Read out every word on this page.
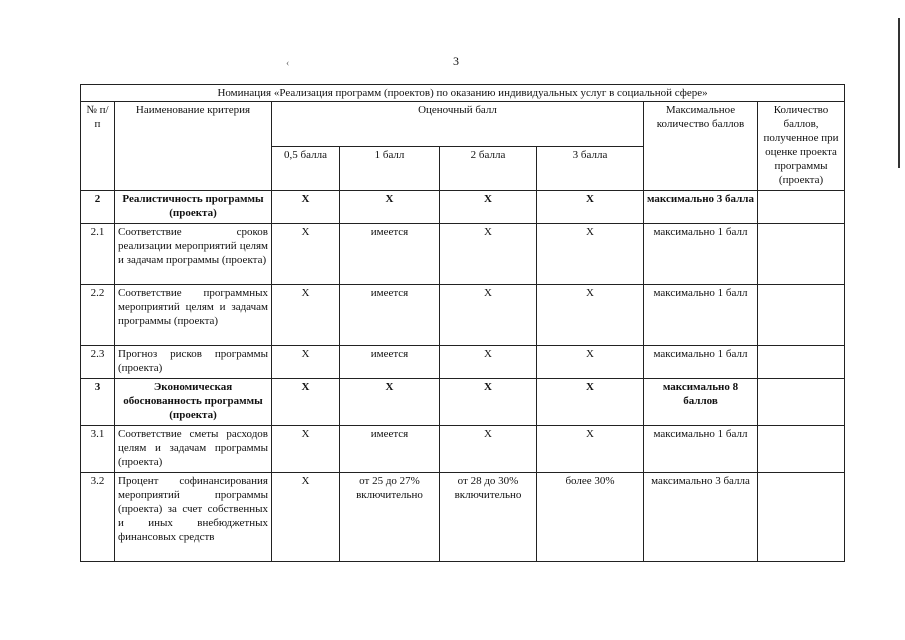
‹	3
Номинация «Реализация программ (проектов) по оказанию индивидуальных услуг в социальной сфере»							
№ п/п	Наименование критерия	Оценочный балл				Максимальное количество баллов	Количество баллов, полученное при оценке проекта программы (проекта)
		0,5 балла	1 балл	2 балла	3 балла		
2	Реалистичность программы (проекта)	X	X	X	X	максимально 3 балла	
2.1	Соответствие сроков реализации мероприятий целям и задачам программы (проекта)	X	имеется	X	X	максимально 1 балл	
2.2	Соответствие программных мероприятий целям и задачам программы (проекта)	X	имеется	X	X	максимально 1 балл	
2.3	Прогноз рисков программы (проекта)	X	имеется	X	X	максимально 1 балл	
3	Экономическая обоснованность программы (проекта)	X	X	X	X	максимально 8 баллов	
3.1	Соответствие сметы расходов целям и задачам программы (проекта)	X	имеется	X	X	максимально 1 балл	
3.2	Процент софинансирования мероприятий программы (проекта) за счет собственных и иных внебюджетных финансовых средств	X	от 25 до 27% включительно	от 28 до 30% включительно	более 30%	максимально 3 балла	
